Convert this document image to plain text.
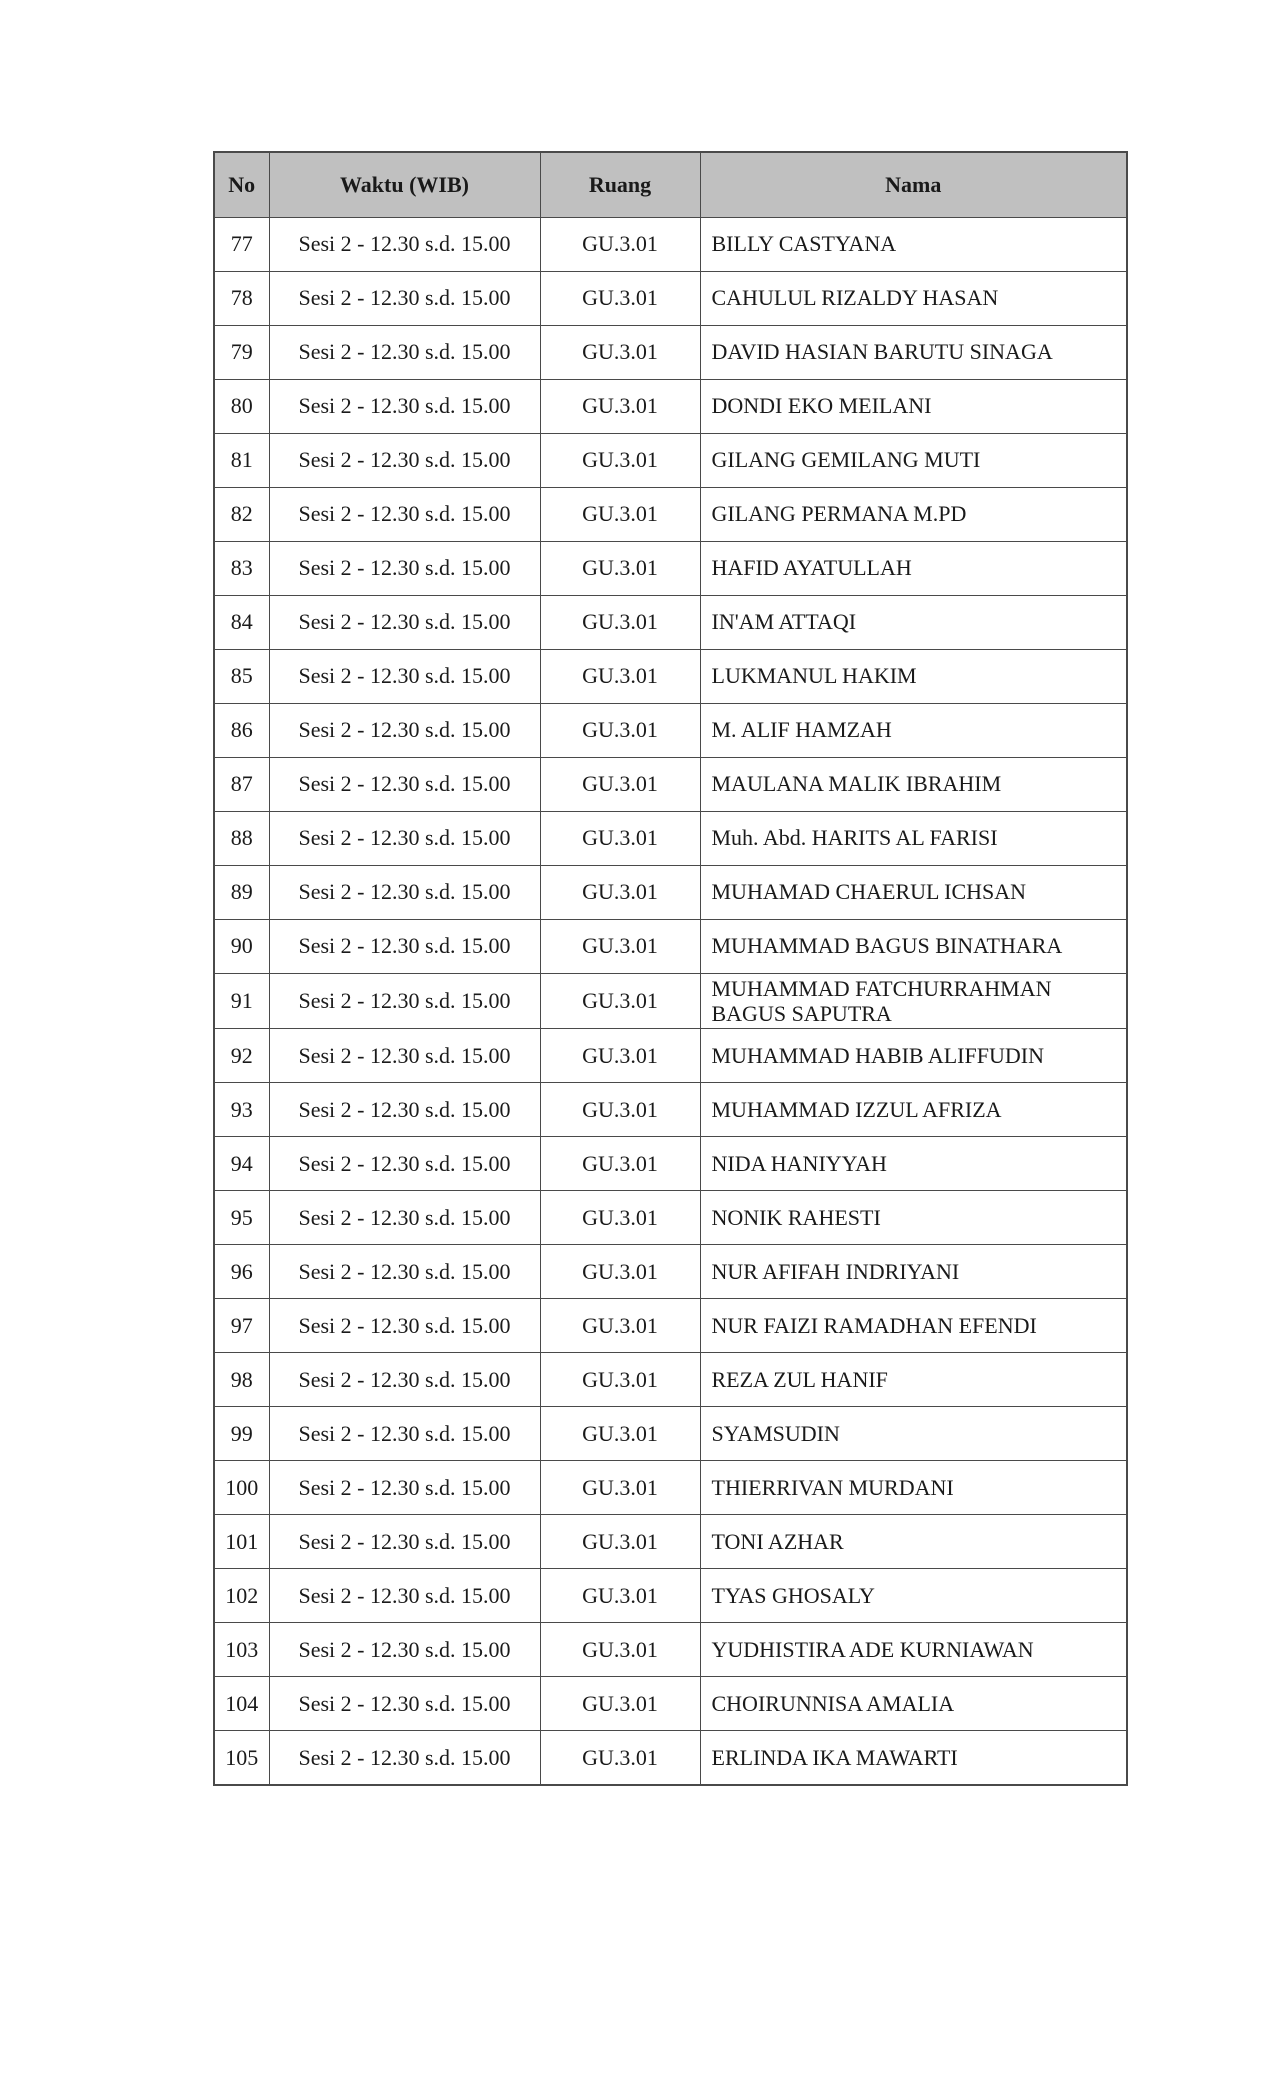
No	Waktu (WIB)	Ruang	Nama
77	Sesi 2 - 12.30 s.d. 15.00	GU.3.01	BILLY CASTYANA
78	Sesi 2 - 12.30 s.d. 15.00	GU.3.01	CAHULUL RIZALDY HASAN
79	Sesi 2 - 12.30 s.d. 15.00	GU.3.01	DAVID HASIAN BARUTU SINAGA
80	Sesi 2 - 12.30 s.d. 15.00	GU.3.01	DONDI EKO MEILANI
81	Sesi 2 - 12.30 s.d. 15.00	GU.3.01	GILANG GEMILANG MUTI
82	Sesi 2 - 12.30 s.d. 15.00	GU.3.01	GILANG PERMANA M.PD
83	Sesi 2 - 12.30 s.d. 15.00	GU.3.01	HAFID AYATULLAH
84	Sesi 2 - 12.30 s.d. 15.00	GU.3.01	IN'AM ATTAQI
85	Sesi 2 - 12.30 s.d. 15.00	GU.3.01	LUKMANUL HAKIM
86	Sesi 2 - 12.30 s.d. 15.00	GU.3.01	M. ALIF HAMZAH
87	Sesi 2 - 12.30 s.d. 15.00	GU.3.01	MAULANA MALIK IBRAHIM
88	Sesi 2 - 12.30 s.d. 15.00	GU.3.01	Muh. Abd. HARITS AL FARISI
89	Sesi 2 - 12.30 s.d. 15.00	GU.3.01	MUHAMAD CHAERUL ICHSAN
90	Sesi 2 - 12.30 s.d. 15.00	GU.3.01	MUHAMMAD BAGUS BINATHARA
91	Sesi 2 - 12.30 s.d. 15.00	GU.3.01	MUHAMMAD FATCHURRAHMAN BAGUS SAPUTRA
92	Sesi 2 - 12.30 s.d. 15.00	GU.3.01	MUHAMMAD HABIB ALIFFUDIN
93	Sesi 2 - 12.30 s.d. 15.00	GU.3.01	MUHAMMAD IZZUL AFRIZA
94	Sesi 2 - 12.30 s.d. 15.00	GU.3.01	NIDA HANIYYAH
95	Sesi 2 - 12.30 s.d. 15.00	GU.3.01	NONIK RAHESTI
96	Sesi 2 - 12.30 s.d. 15.00	GU.3.01	NUR AFIFAH INDRIYANI
97	Sesi 2 - 12.30 s.d. 15.00	GU.3.01	NUR FAIZI RAMADHAN EFENDI
98	Sesi 2 - 12.30 s.d. 15.00	GU.3.01	REZA ZUL HANIF
99	Sesi 2 - 12.30 s.d. 15.00	GU.3.01	SYAMSUDIN
100	Sesi 2 - 12.30 s.d. 15.00	GU.3.01	THIERRIVAN MURDANI
101	Sesi 2 - 12.30 s.d. 15.00	GU.3.01	TONI AZHAR
102	Sesi 2 - 12.30 s.d. 15.00	GU.3.01	TYAS GHOSALY
103	Sesi 2 - 12.30 s.d. 15.00	GU.3.01	YUDHISTIRA ADE KURNIAWAN
104	Sesi 2 - 12.30 s.d. 15.00	GU.3.01	CHOIRUNNISA AMALIA
105	Sesi 2 - 12.30 s.d. 15.00	GU.3.01	ERLINDA IKA MAWARTI
